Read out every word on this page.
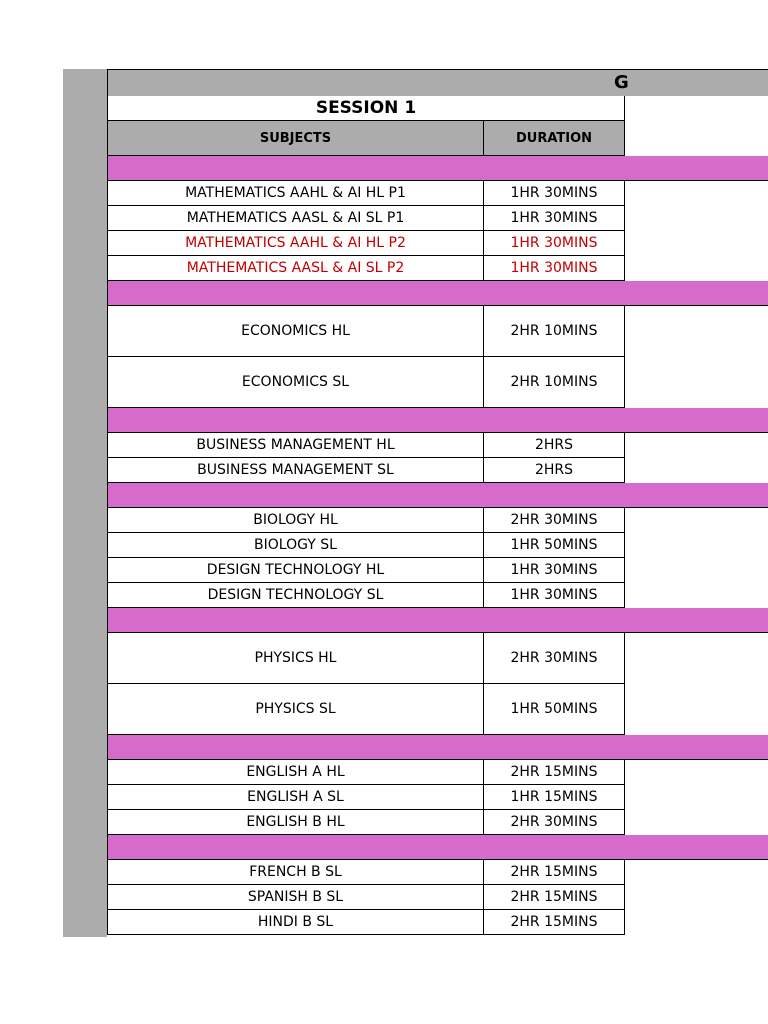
G
SESSION 1
SUBJECTS	DURATION
MATHEMATICS AAHL & AI HL P1	1HR 30MINS
MATHEMATICS AASL & AI SL P1	1HR 30MINS
MATHEMATICS AAHL & AI HL P2	1HR 30MINS
MATHEMATICS AASL & AI SL P2	1HR 30MINS
ECONOMICS HL	2HR 10MINS
ECONOMICS SL	2HR 10MINS
BUSINESS MANAGEMENT HL	2HRS
BUSINESS MANAGEMENT SL	2HRS
BIOLOGY HL	2HR 30MINS
BIOLOGY SL	1HR 50MINS
DESIGN TECHNOLOGY HL	1HR 30MINS
DESIGN TECHNOLOGY SL	1HR 30MINS
PHYSICS HL	2HR 30MINS
PHYSICS SL	1HR 50MINS
ENGLISH A HL	2HR 15MINS
ENGLISH A SL	1HR 15MINS
ENGLISH B HL	2HR 30MINS
FRENCH B SL	2HR 15MINS
SPANISH B SL	2HR 15MINS
HINDI B SL	2HR 15MINS
